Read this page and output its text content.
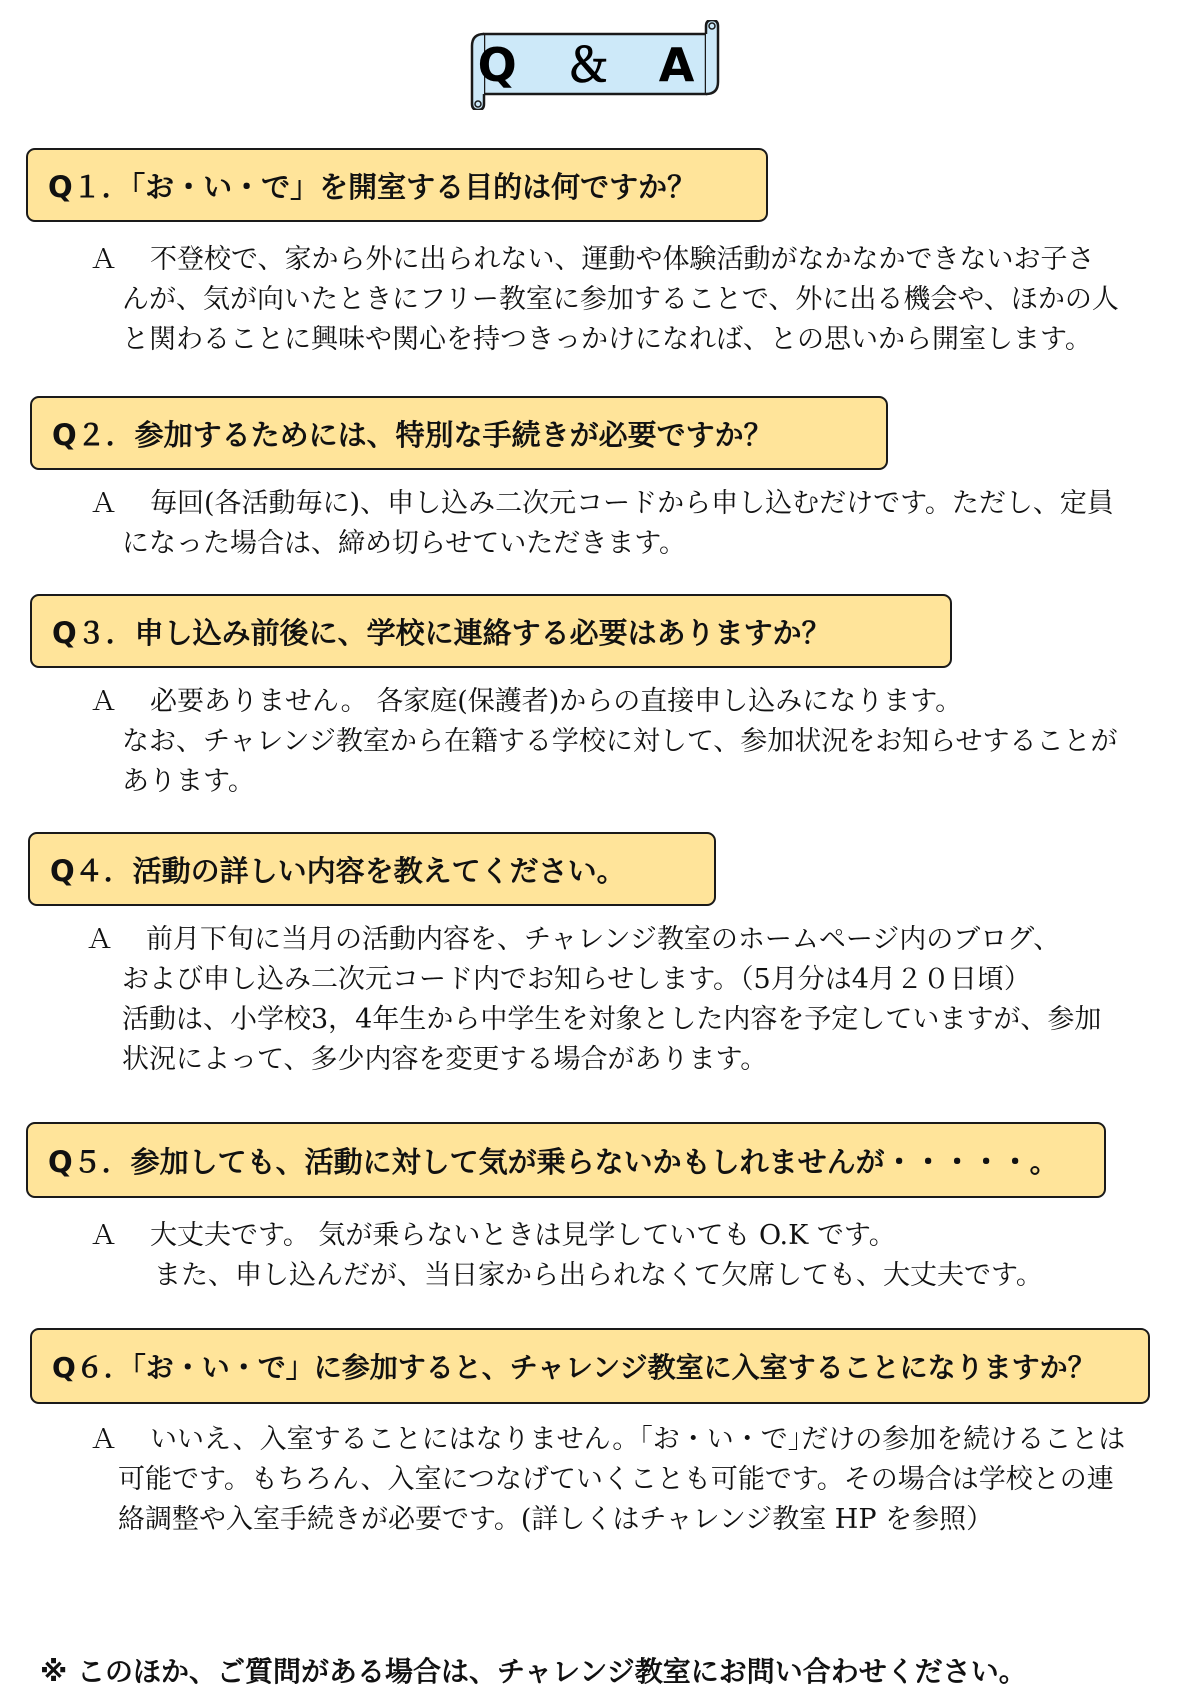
Q ＆ A
Q１．「お・い・で」を開室する目的は何ですか？
Ａ 不登校で、家から外に出られない、運動や体験活動がなかなかできないお子さ
んが、気が向いたときにフリー教室に参加することで、外に出る機会や、ほかの人
と関わることに興味や関心を持つきっかけになれば、との思いから開室します。
Q２．参加するためには、特別な手続きが必要ですか？
Ａ 毎回(各活動毎に)、申し込み二次元コードから申し込むだけです。ただし、定員
になった場合は、締め切らせていただきます。
Q３．申し込み前後に、学校に連絡する必要はありますか？
Ａ 必要ありません。 各家庭(保護者)からの直接申し込みになります。
なお、チャレンジ教室から在籍する学校に対して、参加状況をお知らせすることが
あります。
Q４．活動の詳しい内容を教えてください。
Ａ 前月下旬に当月の活動内容を、チャレンジ教室のホームページ内のブログ、
および申し込み二次元コード内でお知らせします。（5月分は4月２０日頃）
活動は、小学校3，4年生から中学生を対象とした内容を予定していますが、参加
状況によって、多少内容を変更する場合があります。
Q５．参加しても、活動に対して気が乗らないかもしれませんが・・・・・。
Ａ 大丈夫です。 気が乗らないときは見学していても O.K です。
また、申し込んだが、当日家から出られなくて欠席しても、大丈夫です。
Q６．「お・い・で」に参加すると、チャレンジ教室に入室することになりますか？
Ａ いいえ、入室することにはなりません。｢お・い・で｣だけの参加を続けることは
可能です。もちろん、入室につなげていくことも可能です。その場合は学校との連
絡調整や入室手続きが必要です。(詳しくはチャレンジ教室 HP を参照）
※ このほか、ご質問がある場合は、チャレンジ教室にお問い合わせください。
